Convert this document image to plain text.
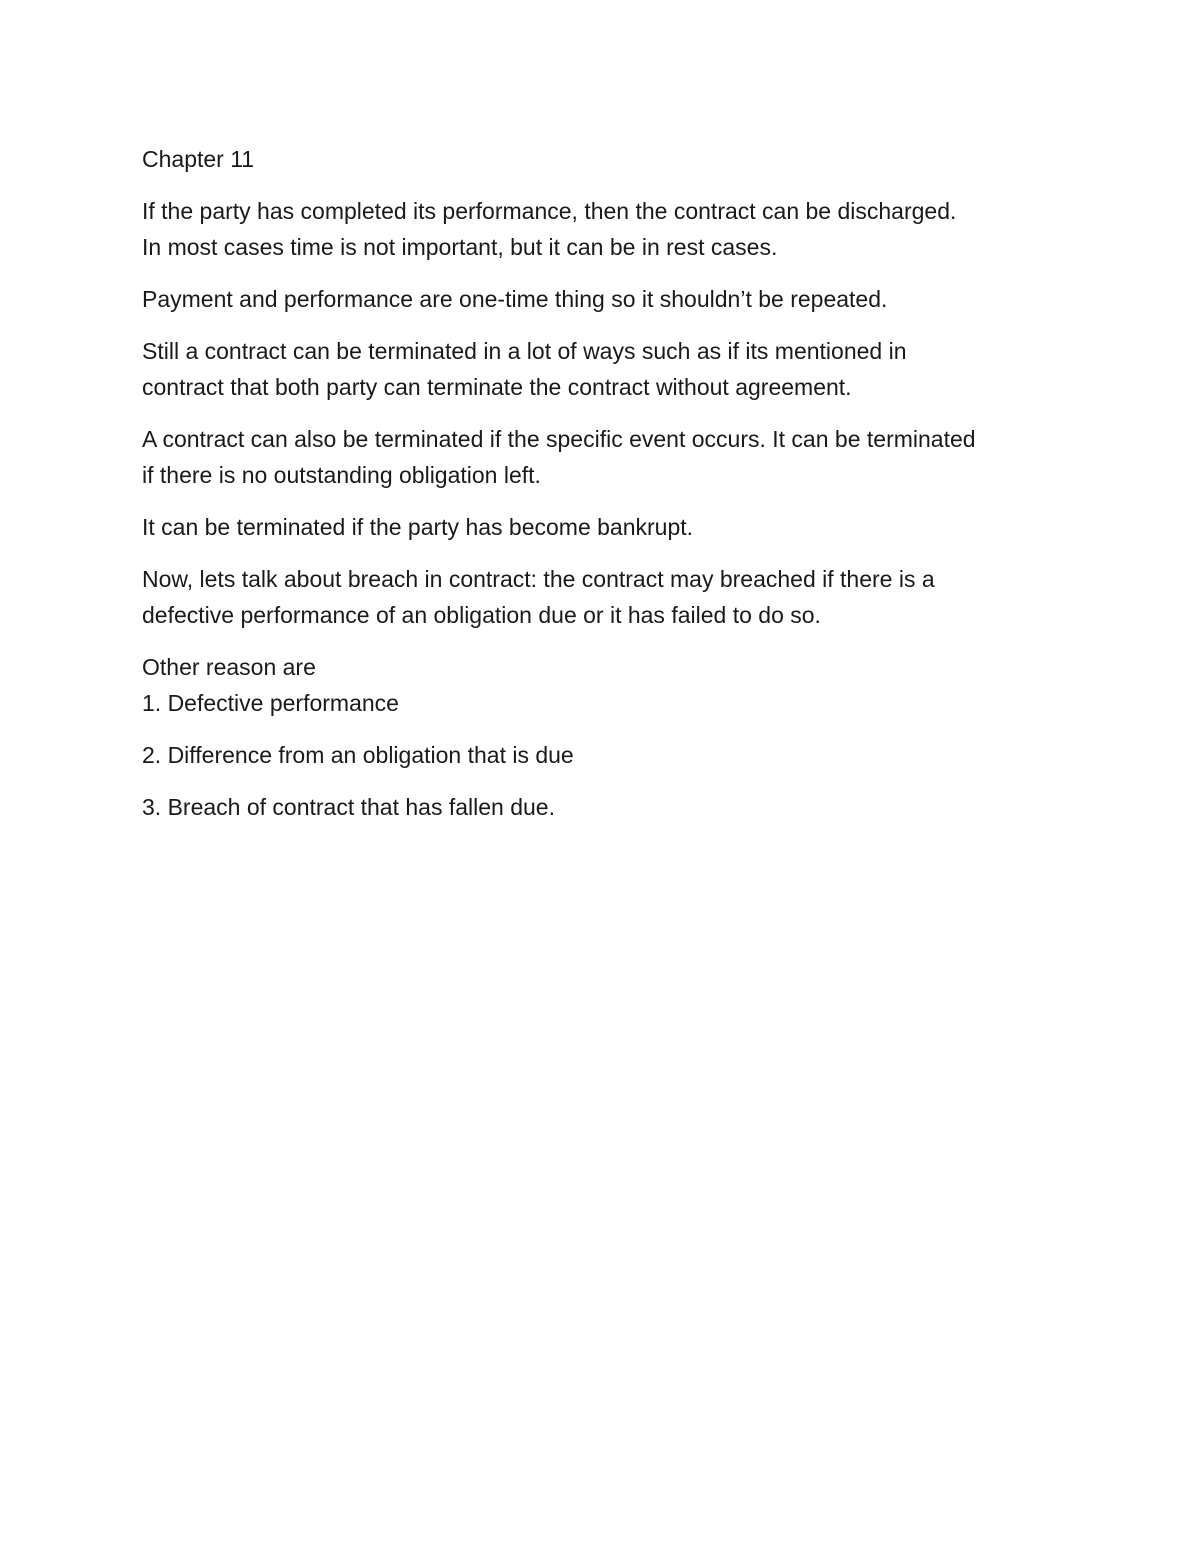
Chapter 11

If the party has completed its performance, then the contract can be discharged.
In most cases time is not important, but it can be in rest cases.

Payment and performance are one-time thing so it shouldn’t be repeated.

Still a contract can be terminated in a lot of ways such as if its mentioned in
contract that both party can terminate the contract without agreement.

A contract can also be terminated if the specific event occurs. It can be terminated
if there is no outstanding obligation left.

It can be terminated if the party has become bankrupt.

Now, lets talk about breach in contract: the contract may breached if there is a
defective performance of an obligation due or it has failed to do so.

Other reason are

1. Defective performance

2. Difference from an obligation that is due

3. Breach of contract that has fallen due.
